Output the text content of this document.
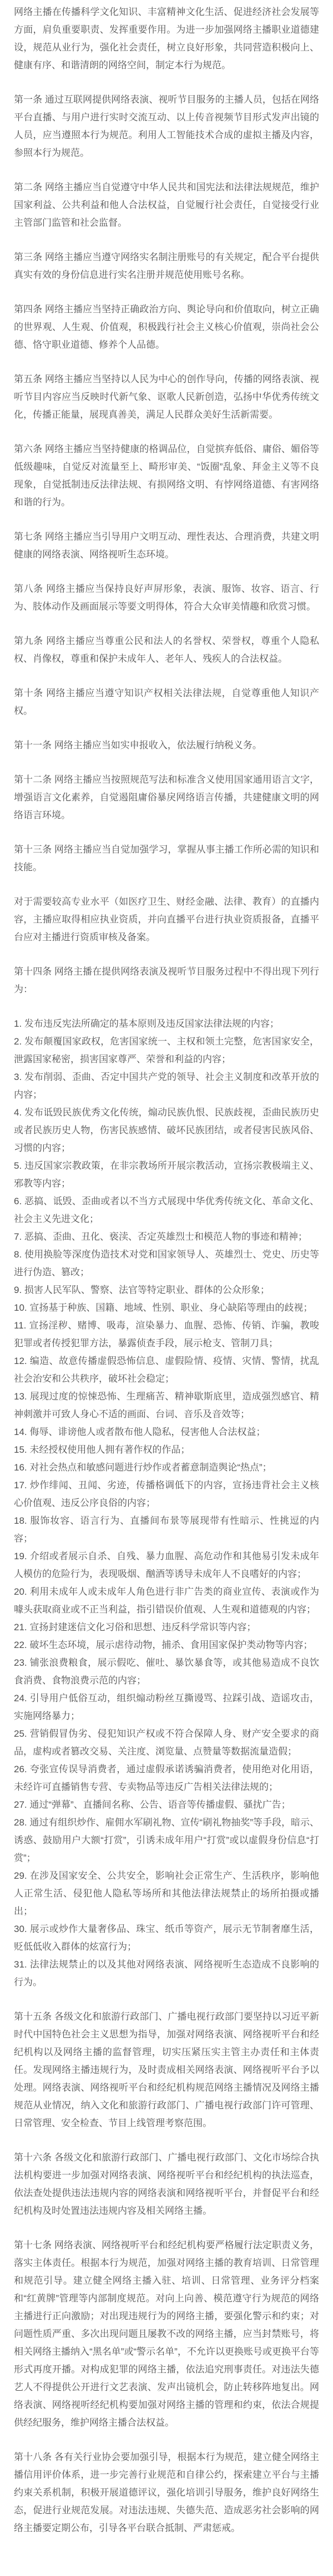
网络主播在传播科学文化知识、丰富精神文化生活、促进经济社会发展等方面，肩负重要职责、发挥重要作用。为进一步加强网络主播职业道德建设，规范从业行为，强化社会责任，树立良好形象，共同营造积极向上、健康有序、和谐清朗的网络空间，制定本行为规范。

第一条 通过互联网提供网络表演、视听节目服务的主播人员，包括在网络平台直播、与用户进行实时交流互动、以上传音视频节目形式发声出镜的人员，应当遵照本行为规范。利用人工智能技术合成的虚拟主播及内容，参照本行为规范。

第二条 网络主播应当自觉遵守中华人民共和国宪法和法律法规规范，维护国家利益、公共利益和他人合法权益，自觉履行社会责任，自觉接受行业主管部门监管和社会监督。

第三条 网络主播应当遵守网络实名制注册账号的有关规定，配合平台提供真实有效的身份信息进行实名注册并规范使用账号名称。

第四条 网络主播应当坚持正确政治方向、舆论导向和价值取向，树立正确的世界观、人生观、价值观，积极践行社会主义核心价值观，崇尚社会公德、恪守职业道德、修养个人品德。

第五条 网络主播应当坚持以人民为中心的创作导向，传播的网络表演、视听节目内容应当反映时代新气象、讴歌人民新创造，弘扬中华优秀传统文化，传播正能量，展现真善美，满足人民群众美好生活新需要。

第六条 网络主播应当坚持健康的格调品位，自觉摈弃低俗、庸俗、媚俗等低级趣味，自觉反对流量至上、畸形审美、“饭圈”乱象、拜金主义等不良现象，自觉抵制违反法律法规、有损网络文明、有悖网络道德、有害网络和谐的行为。

第七条 网络主播应当引导用户文明互动、理性表达、合理消费，共建文明健康的网络表演、网络视听生态环境。

第八条 网络主播应当保持良好声屏形象，表演、服饰、妆容、语言、行为、肢体动作及画面展示等要文明得体，符合大众审美情趣和欣赏习惯。

第九条 网络主播应当尊重公民和法人的名誉权、荣誉权，尊重个人隐私权、肖像权，尊重和保护未成年人、老年人、残疾人的合法权益。

第十条 网络主播应当遵守知识产权相关法律法规，自觉尊重他人知识产权。

第十一条 网络主播应当如实申报收入，依法履行纳税义务。

第十二条 网络主播应当按照规范写法和标准含义使用国家通用语言文字，增强语言文化素养，自觉遏阻庸俗暴戾网络语言传播，共建健康文明的网络语言环境。

第十三条 网络主播应当自觉加强学习，掌握从事主播工作所必需的知识和技能。

对于需要较高专业水平（如医疗卫生、财经金融、法律、教育）的直播内容，主播应取得相应执业资质，并向直播平台进行执业资质报备，直播平台应对主播进行资质审核及备案。

第十四条 网络主播在提供网络表演及视听节目服务过程中不得出现下列行为：

1. 发布违反宪法所确定的基本原则及违反国家法律法规的内容；

2. 发布颠覆国家政权，危害国家统一、主权和领土完整，危害国家安全，泄露国家秘密，损害国家尊严、荣誉和利益的内容；

3. 发布削弱、歪曲、否定中国共产党的领导、社会主义制度和改革开放的内容；

4. 发布诋毁民族优秀文化传统，煽动民族仇恨、民族歧视，歪曲民族历史或者民族历史人物，伤害民族感情、破坏民族团结，或者侵害民族风俗、习惯的内容；

5. 违反国家宗教政策，在非宗教场所开展宗教活动，宣扬宗教极端主义、邪教等内容；

6. 恶搞、诋毁、歪曲或者以不当方式展现中华优秀传统文化、革命文化、社会主义先进文化；

7. 恶搞、歪曲、丑化、亵渎、否定英雄烈士和模范人物的事迹和精神；

8. 使用换脸等深度伪造技术对党和国家领导人、英雄烈士、党史、历史等进行伪造、篡改；

9. 损害人民军队、警察、法官等特定职业、群体的公众形象；

10. 宣扬基于种族、国籍、地域、性别、职业、身心缺陷等理由的歧视；

11. 宣扬淫秽、赌博、吸毒，渲染暴力、血腥、恐怖、传销、诈骗，教唆犯罪或者传授犯罪方法，暴露侦查手段，展示枪支、管制刀具；

12. 编造、故意传播虚假恐怖信息、虚假险情、疫情、灾情、警情，扰乱社会治安和公共秩序，破坏社会稳定；

13. 展现过度的惊悚恐怖、生理痛苦、精神歇斯底里，造成强烈感官、精神刺激并可致人身心不适的画面、台词、音乐及音效等；

14. 侮辱、诽谤他人或者散布他人隐私，侵害他人合法权益；

15. 未经授权使用他人拥有著作权的作品；

16. 对社会热点和敏感问题进行炒作或者蓄意制造舆论“热点”；

17. 炒作绯闻、丑闻、劣迹，传播格调低下的内容，宣扬违背社会主义核心价值观、违反公序良俗的内容；

18. 服饰妆容、语言行为、直播间布景等展现带有性暗示、性挑逗的内容；

19. 介绍或者展示自杀、自残、暴力血腥、高危动作和其他易引发未成年人模仿的危险行为，表现吸烟、酗酒等诱导未成年人不良嗜好的内容；

20. 利用未成年人或未成年人角色进行非广告类的商业宣传、表演或作为噱头获取商业或不正当利益，指引错误价值观、人生观和道德观的内容；

21. 宣扬封建迷信文化习俗和思想、违反科学常识等内容；

22. 破坏生态环境，展示虐待动物，捕杀、食用国家保护类动物等内容；

23. 铺张浪费粮食，展示假吃、催吐、暴饮暴食等，或其他易造成不良饮食消费、食物浪费示范的内容；

24. 引导用户低俗互动，组织煽动粉丝互撕谩骂、拉踩引战、造谣攻击，实施网络暴力；

25. 营销假冒伪劣、侵犯知识产权或不符合保障人身、财产安全要求的商品，虚构或者篡改交易、关注度、浏览量、点赞量等数据流量造假；

26. 夸张宣传误导消费者，通过虚假承诺诱骗消费者，使用绝对化用语，未经许可直播销售专营、专卖物品等违反广告相关法律法规的；

27. 通过“弹幕”、直播间名称、公告、语音等传播虚假、骚扰广告；

28. 通过有组织炒作、雇佣水军刷礼物、宣传“刷礼物抽奖”等手段，暗示、诱惑、鼓励用户大额“打赏”，引诱未成年用户“打赏”或以虚假身份信息“打赏”；

29. 在涉及国家安全、公共安全，影响社会正常生产、生活秩序，影响他人正常生活、侵犯他人隐私等场所和其他法律法规禁止的场所拍摄或播出；

30. 展示或炒作大量奢侈品、珠宝、纸币等资产，展示无节制奢靡生活，贬低低收入群体的炫富行为；

31. 法律法规禁止的以及其他对网络表演、网络视听生态造成不良影响的行为。

第十五条 各级文化和旅游行政部门、广播电视行政部门要坚持以习近平新时代中国特色社会主义思想为指导，加强对网络表演、网络视听平台和经纪机构以及网络主播的监督管理，切实压紧压实主管主办责任和主体责任。发现网络主播违规行为，及时责成相关网络表演、网络视听平台予以处理。网络表演、网络视听平台和经纪机构规范网络主播情况及网络主播规范从业情况，纳入文化和旅游行政部门、广播电视行政部门许可管理、日常管理、安全检查、节目上线管理考察范围。

第十六条 各级文化和旅游行政部门、广播电视行政部门、文化市场综合执法机构要进一步加强对网络表演、网络视听平台和经纪机构的执法巡查，依法查处提供违法违规内容的网络表演和网络视听平台，并督促平台和经纪机构及时处置违法违规内容及相关网络主播。

第十七条 网络表演、网络视听平台和经纪机构要严格履行法定职责义务，落实主体责任。根据本行为规范，加强对网络主播的教育培训、日常管理和规范引导。建立健全网络主播入驻、培训、日常管理、业务评分档案和“红黄牌”管理等内部制度规范。对向上向善、模范遵守行为规范的网络主播进行正向激励；对出现违规行为的网络主播，要强化警示和约束；对问题性质严重、多次出现问题且屡教不改的网络主播，应当封禁账号，将相关网络主播纳入“黑名单”或“警示名单”，不允许以更换账号或更换平台等形式再度开播。对构成犯罪的网络主播，依法追究刑事责任。对违法失德艺人不得提供公开进行文艺表演、发声出镜机会，防止转移阵地复出。网络表演、网络视听经纪机构要加强对网络主播的管理和约束，依法合规提供经纪服务，维护网络主播合法权益。

第十八条 各有关行业协会要加强引导，根据本行为规范，建立健全网络主播信用评价体系，进一步完善行业规范和自律公约，探索建立平台与主播约束关系机制，积极开展道德评议，强化培训引导服务，维护良好网络生态，促进行业规范发展。对违法违规、失德失范、造成恶劣社会影响的网络主播要定期公布，引导各平台联合抵制、严肃惩戒。
